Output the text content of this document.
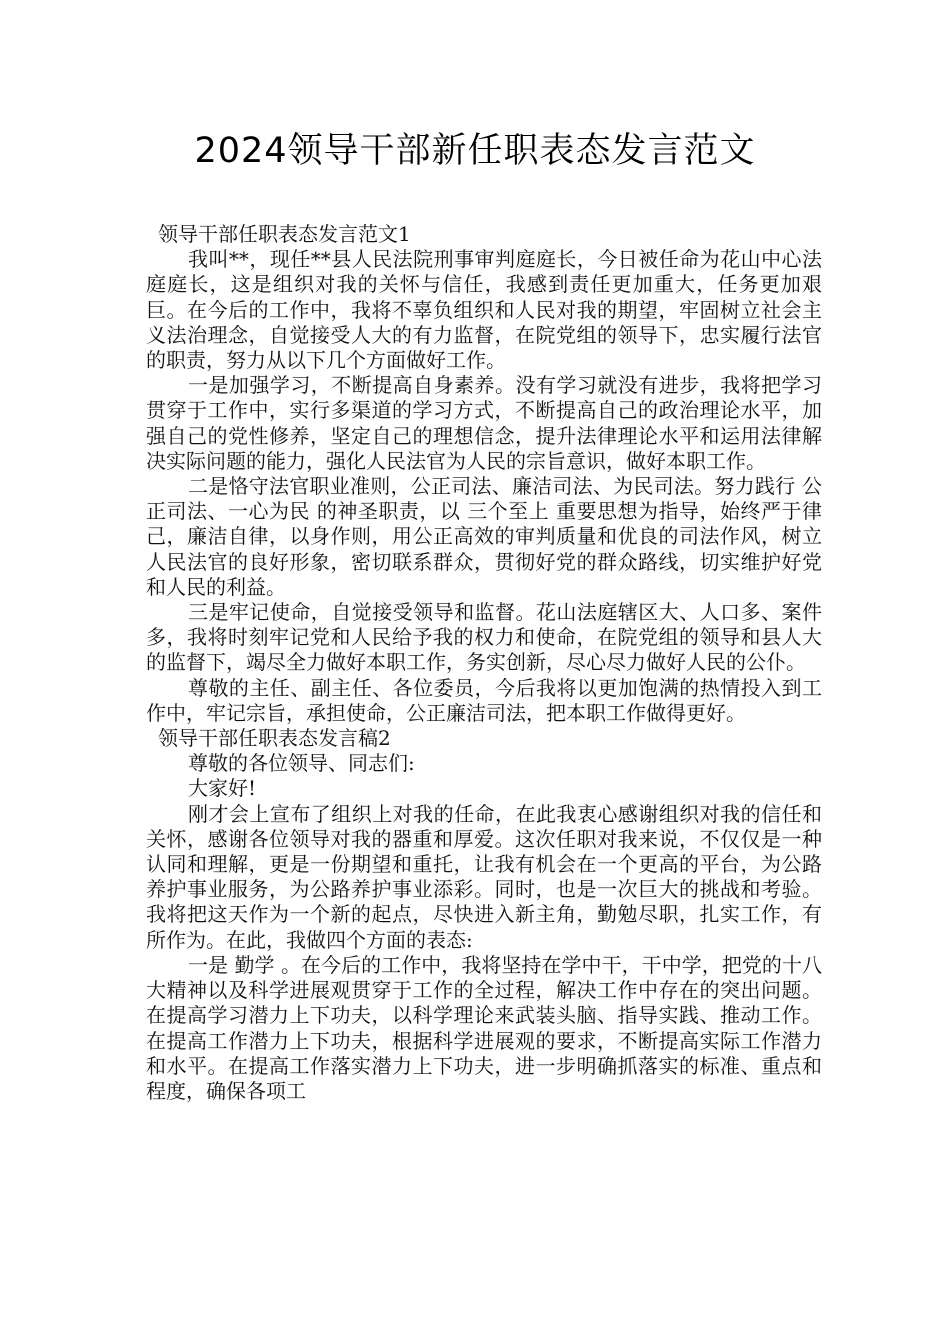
2024领导干部新任职表态发言范文

领导干部任职表态发言范文1

我叫**，现任**县人民法院刑事审判庭庭长，今日被任命为花山中心法庭庭长，这是组织对我的关怀与信任，我感到责任更加重大，任务更加艰巨。在今后的工作中，我将不辜负组织和人民对我的期望，牢固树立社会主义法治理念，自觉接受人大的有力监督，在院党组的领导下，忠实履行法官的职责，努力从以下几个方面做好工作。

一是加强学习，不断提高自身素养。没有学习就没有进步，我将把学习贯穿于工作中，实行多渠道的学习方式，不断提高自己的政治理论水平，加强自己的党性修养，坚定自己的理想信念，提升法律理论水平和运用法律解决实际问题的能力，强化人民法官为人民的宗旨意识，做好本职工作。

二是恪守法官职业准则，公正司法、廉洁司法、为民司法。努力践行 公正司法、一心为民 的神圣职责，以 三个至上 重要思想为指导，始终严于律己，廉洁自律，以身作则，用公正高效的审判质量和优良的司法作风，树立人民法官的良好形象，密切联系群众，贯彻好党的群众路线，切实维护好党和人民的利益。

三是牢记使命，自觉接受领导和监督。花山法庭辖区大、人口多、案件多，我将时刻牢记党和人民给予我的权力和使命，在院党组的领导和县人大的监督下，竭尽全力做好本职工作，务实创新，尽心尽力做好人民的公仆。

尊敬的主任、副主任、各位委员，今后我将以更加饱满的热情投入到工作中，牢记宗旨，承担使命，公正廉洁司法，把本职工作做得更好。

领导干部任职表态发言稿2

尊敬的各位领导、同志们:

大家好!

刚才会上宣布了组织上对我的任命，在此我衷心感谢组织对我的信任和关怀，感谢各位领导对我的器重和厚爱。这次任职对我来说，不仅仅是一种认同和理解，更是一份期望和重托，让我有机会在一个更高的平台，为公路养护事业服务，为公路养护事业添彩。同时，也是一次巨大的挑战和考验。我将把这天作为一个新的起点，尽快进入新主角，勤勉尽职，扎实工作，有所作为。在此，我做四个方面的表态:

一是 勤学 。在今后的工作中，我将坚持在学中干，干中学，把党的十八大精神以及科学进展观贯穿于工作的全过程，解决工作中存在的突出问题。在提高学习潜力上下功夫，以科学理论来武装头脑、指导实践、推动工作。在提高工作潜力上下功夫，根据科学进展观的要求，不断提高实际工作潜力和水平。在提高工作落实潜力上下功夫，进一步明确抓落实的标准、重点和程度，确保各项工
